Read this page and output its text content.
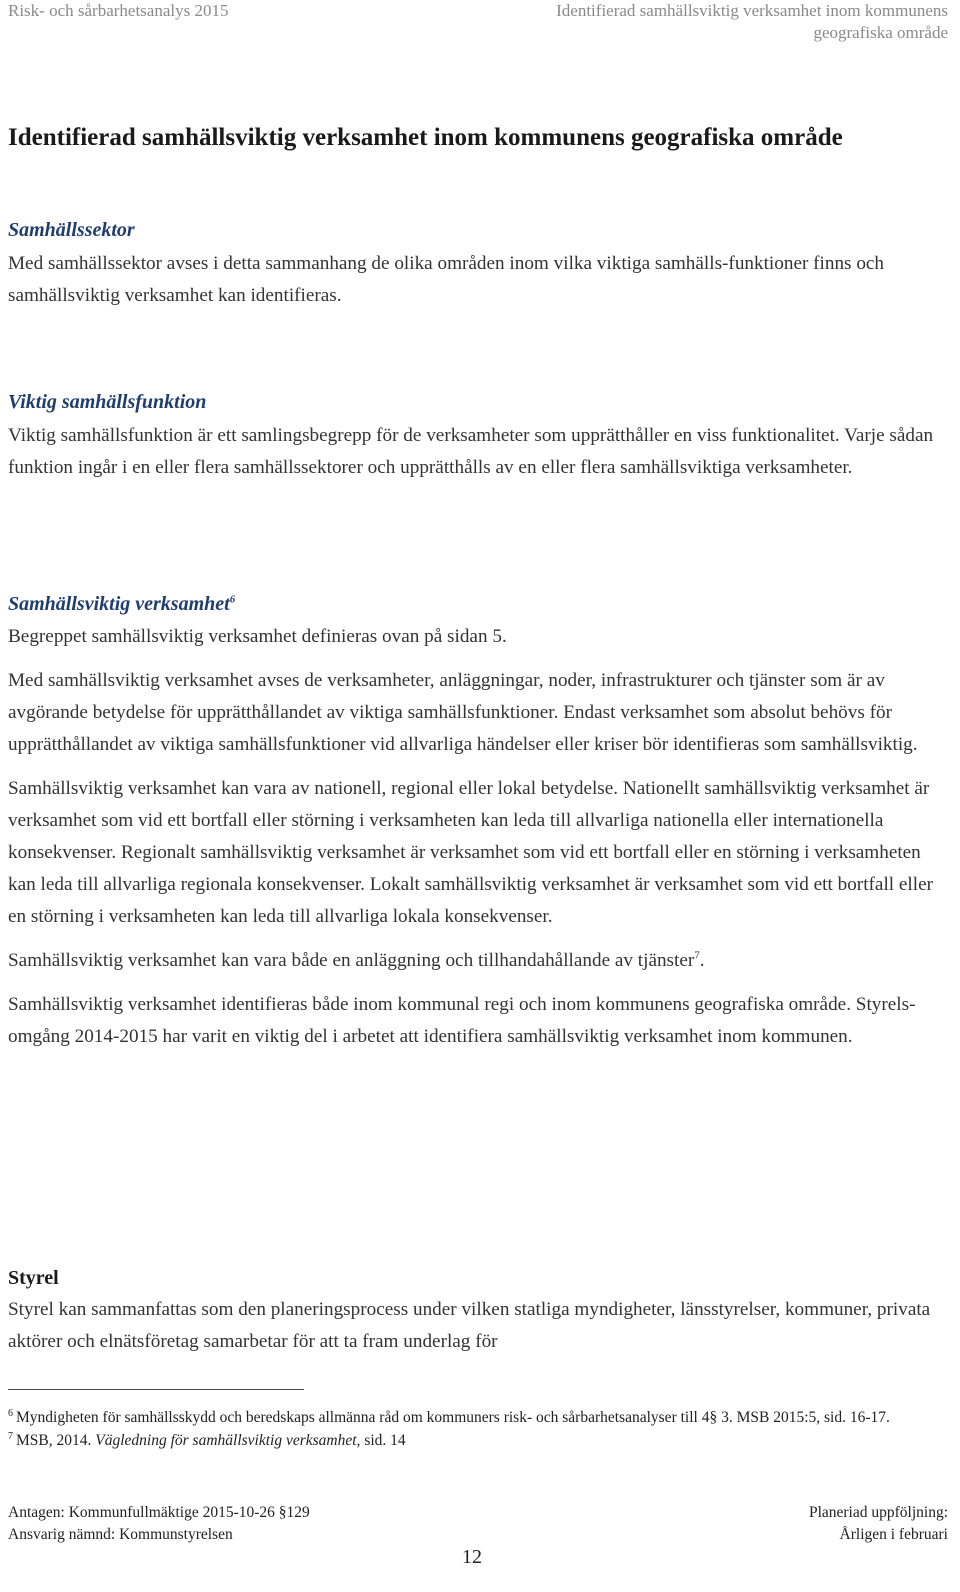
Risk- och sårbarhetsanalys 2015	Identifierad samhällsviktig verksamhet inom kommunens
geografiska område
Identifierad samhällsviktig verksamhet inom kommunens geografiska område
Samhällssektor

Med samhällssektor avses i detta sammanhang de olika områden inom vilka viktiga samhälls-funktioner finns och samhällsviktig verksamhet kan identifieras.

Viktig samhällsfunktion

Viktig samhällsfunktion är ett samlingsbegrepp för de verksamheter som upprätthåller en viss funktionalitet. Varje sådan funktion ingår i en eller flera samhällssektorer och upprätthålls av en eller flera samhällsviktiga verksamheter.

Samhällsviktig verksamhet$^6$

Begreppet samhällsviktig verksamhet definieras ovan på sidan 5.

Med samhällsviktig verksamhet avses de verksamheter, anläggningar, noder, infrastrukturer och tjänster som är av avgörande betydelse för upprätthållandet av viktiga samhällsfunktioner. Endast verksamhet som absolut behövs för upprätthållandet av viktiga samhällsfunktioner vid allvarliga händelser eller kriser bör identifieras som samhällsviktig.

Samhällsviktig verksamhet kan vara av nationell, regional eller lokal betydelse. Nationellt samhällsviktig verksamhet är verksamhet som vid ett bortfall eller störning i verksamheten kan leda till allvarliga nationella eller internationella konsekvenser. Regionalt samhällsviktig verksamhet är verksamhet som vid ett bortfall eller en störning i verksamheten kan leda till allvarliga regionala konsekvenser. Lokalt samhällsviktig verksamhet är verksamhet som vid ett bortfall eller en störning i verksamheten kan leda till allvarliga lokala konsekvenser.

Samhällsviktig verksamhet kan vara både en anläggning och tillhandahållande av tjänster$^7$.

Samhällsviktig verksamhet identifieras både inom kommunal regi och inom kommunens geografiska område. Styrels-omgång 2014-2015 har varit en viktig del i arbetet att identifiera samhällsviktig verksamhet inom kommunen.

Styrel

Styrel kan sammanfattas som den planeringsprocess under vilken statliga myndigheter, länsstyrelser, kommuner, privata aktörer och elnätsföretag samarbetar för att ta fram underlag för

$^6$ Myndigheten för samhällsskydd och beredskaps allmänna råd om kommuners risk- och sårbarhetsanalyser till 4§ 3. MSB 2015:5, sid. 16-17.
$^7$ MSB, 2014. Vägledning för samhällsviktig verksamhet, sid. 14
Antagen: Kommunfullmäktige 2015-10-26 §129
Ansvarig nämnd: Kommunstyrelsen
Planeriad uppföljning:
Årligen i februari
12
